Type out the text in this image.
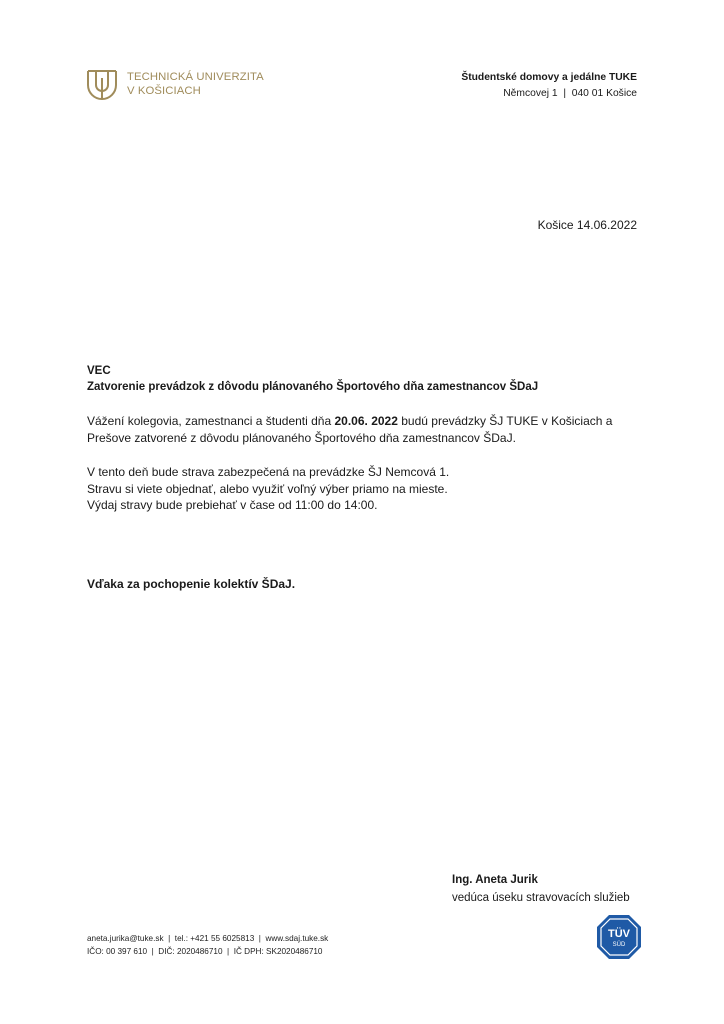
TECHNICKÁ UNIVERZITA
V KOŠICIACH
Študentské domovy a jedálne TUKE
Němcovej 1  |  040 01 Košice
Košice 14.06.2022
VEC
Zatvorenie prevádzok z dôvodu plánovaného Športového dňa zamestnancov ŠDaJ
Vážení kolegovia, zamestnanci a študenti dňa 20.06. 2022 budú prevádzky ŠJ TUKE v Košiciach a
Prešove zatvorené z dôvodu plánovaného Športového dňa zamestnancov ŠDaJ.
V tento deň bude strava zabezpečená na prevádzke ŠJ Nemcová 1.
Stravu si viete objednať, alebo využiť voľný výber priamo na mieste.
Výdaj stravy bude prebiehať v čase od 11:00 do 14:00.
Vďaka za pochopenie kolektív ŠDaJ.
Ing. Aneta Jurik
vedúca úseku stravovacích služieb
aneta.jurika@tuke.sk  |  tel.: +421 55 6025813  |  www.sdaj.tuke.sk
IČO: 00 397 610  |  DIČ: 2020486710  |  IČ DPH: SK2020486710
TÜV
SÜD
